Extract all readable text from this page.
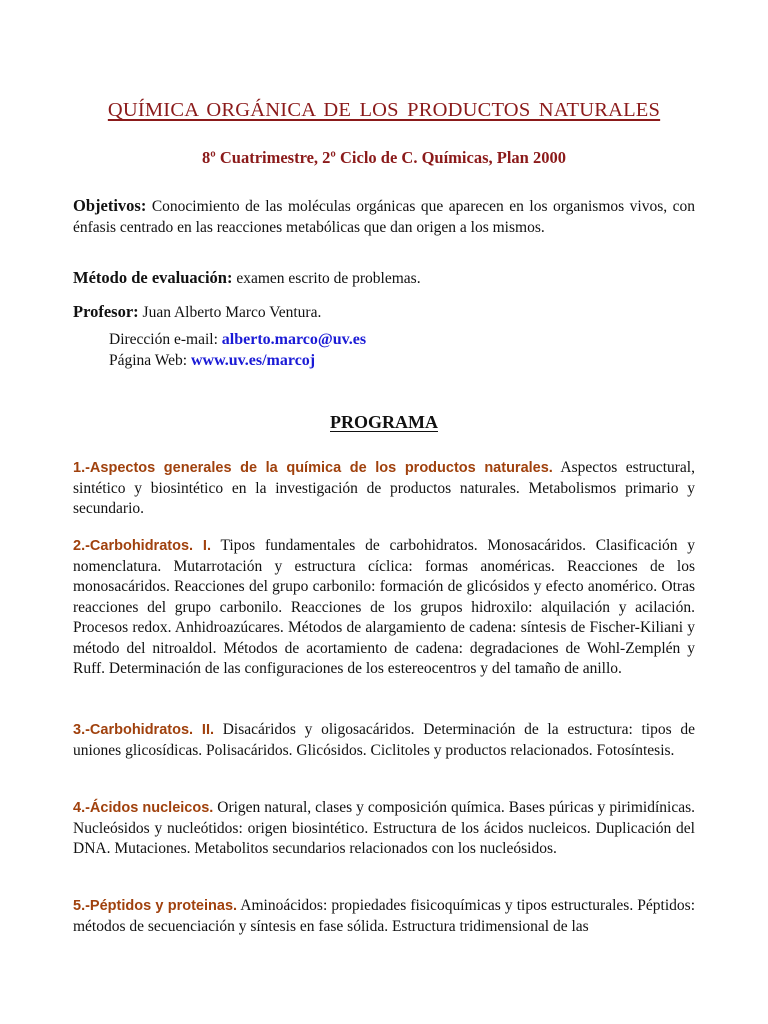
QUÍMICA ORGÁNICA DE LOS PRODUCTOS NATURALES
8º Cuatrimestre, 2º Ciclo de C. Químicas, Plan 2000
Objetivos: Conocimiento de las moléculas orgánicas que aparecen en los organismos vivos, con énfasis centrado en las reacciones metabólicas que dan origen a los mismos.
Método de evaluación: examen escrito de problemas.
Profesor: Juan Alberto Marco Ventura.
Dirección e-mail: alberto.marco@uv.es
Página Web: www.uv.es/marcoj
PROGRAMA
1.-Aspectos generales de la química de los productos naturales. Aspectos estructural, sintético y biosintético en la investigación de productos naturales. Metabolismos primario y secundario.
2.-Carbohidratos. I. Tipos fundamentales de carbohidratos. Monosacáridos. Clasificación y nomenclatura. Mutarrotación y estructura cíclica: formas anoméricas. Reacciones de los monosacáridos. Reacciones del grupo carbonilo: formación de glicósidos y efecto anomérico. Otras reacciones del grupo carbonilo. Reacciones de los grupos hidroxilo: alquilación y acilación. Procesos redox. Anhidroazúcares. Métodos de alargamiento de cadena: síntesis de Fischer-Kiliani y método del nitroaldol. Métodos de acortamiento de cadena: degradaciones de Wohl-Zemplén y Ruff. Determinación de las configuraciones de los estereocentros y del tamaño de anillo.
3.-Carbohidratos. II. Disacáridos y oligosacáridos. Determinación de la estructura: tipos de uniones glicosídicas. Polisacáridos. Glicósidos. Ciclitoles y productos relacionados. Fotosíntesis.
4.-Ácidos nucleicos. Origen natural, clases y composición química. Bases púricas y pirimidínicas. Nucleósidos y nucleótidos: origen biosintético. Estructura de los ácidos nucleicos. Duplicación del DNA. Mutaciones. Metabolitos secundarios relacionados con los nucleósidos.
5.-Péptidos y proteinas. Aminoácidos: propiedades fisicoquímicas y tipos estructurales. Péptidos: métodos de secuenciación y síntesis en fase sólida. Estructura tridimensional de las
